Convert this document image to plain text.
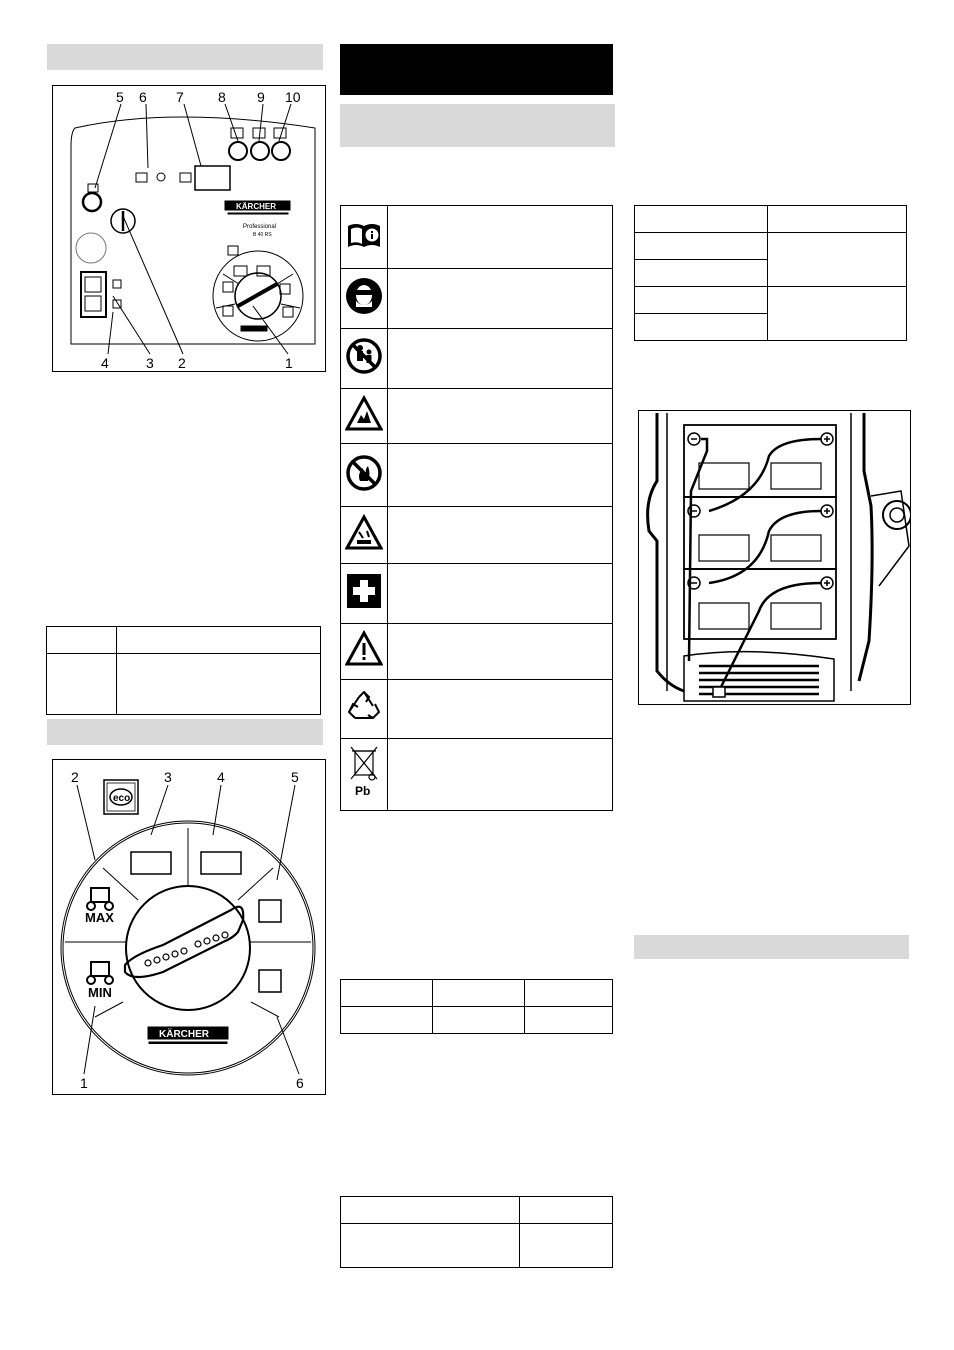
5 6 7 8 9 10
4	3 2	1
KÄRCHER
Professional
B 40 RS

2	3	4	5
1	6
eco
MAX
MIN
KÄRCHER

Pb	
